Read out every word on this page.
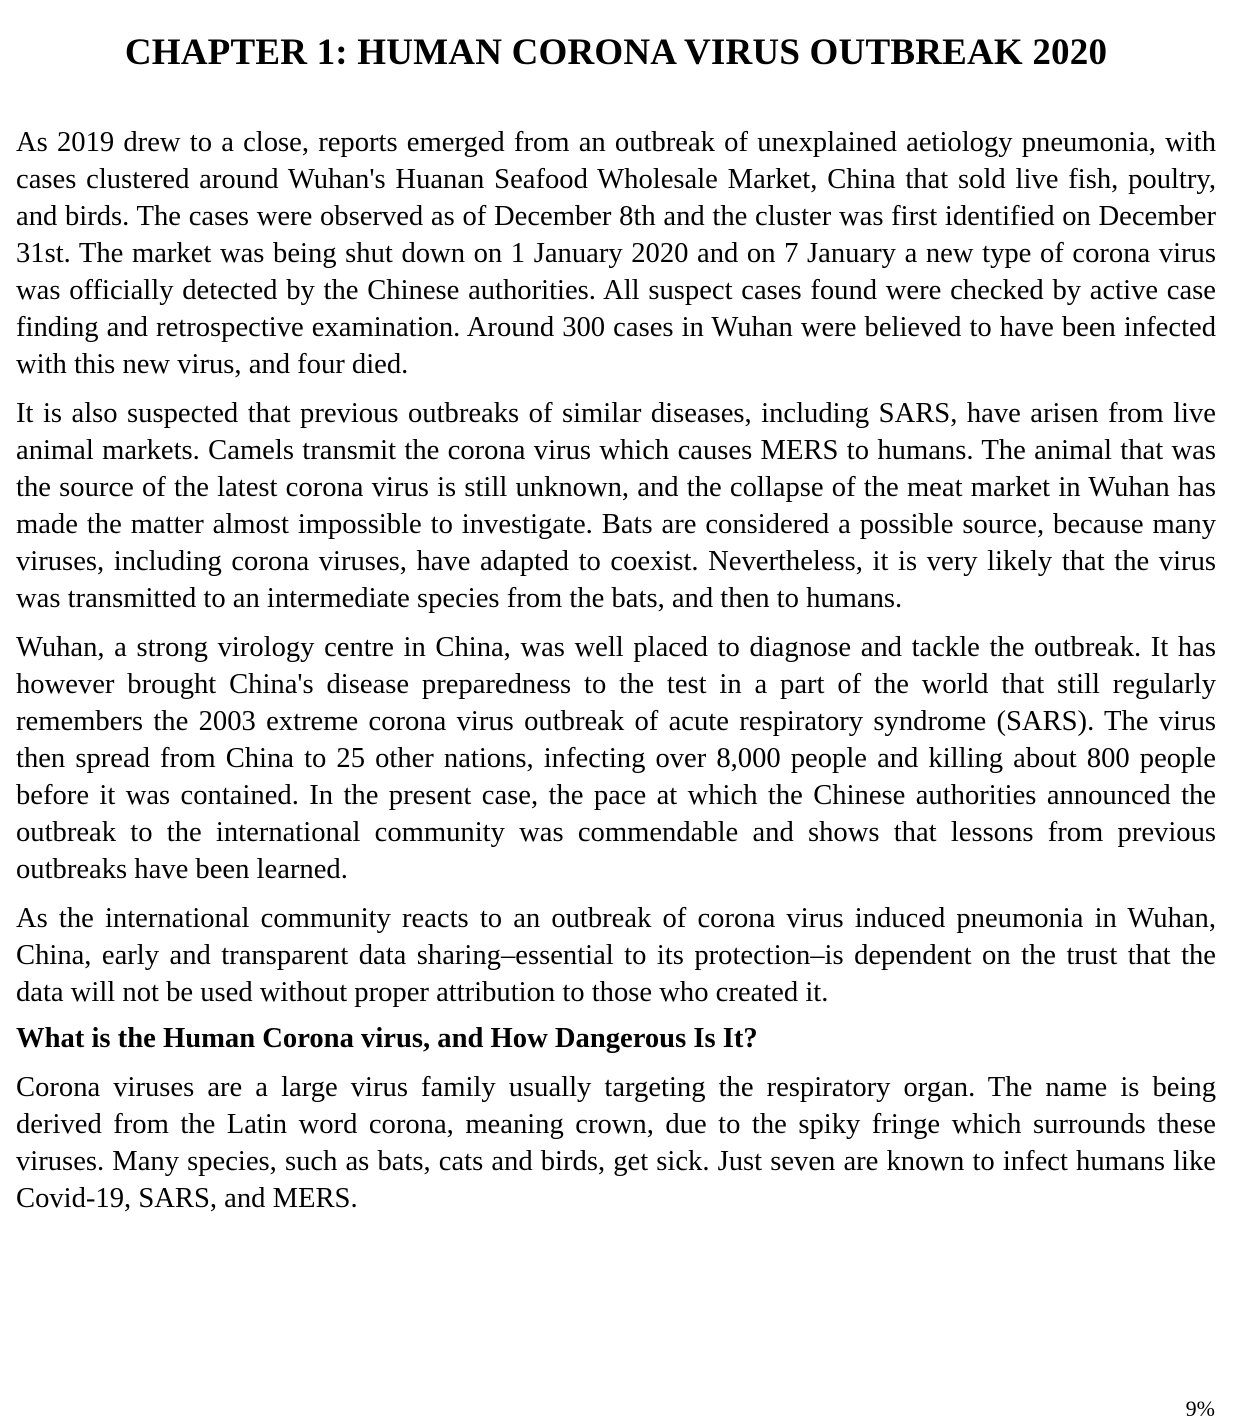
CHAPTER 1: HUMAN CORONA VIRUS OUTBREAK 2020

As 2019 drew to a close, reports emerged from an outbreak of unexplained aetiology pneumonia, with cases clustered around Wuhan's Huanan Seafood Wholesale Market, China that sold live fish, poultry, and birds. The cases were observed as of December 8th and the cluster was first identified on December 31st. The market was being shut down on 1 January 2020 and on 7 January a new type of corona virus was officially detected by the Chinese authorities. All suspect cases found were checked by active case finding and retrospective examination. Around 300 cases in Wuhan were believed to have been infected with this new virus, and four died.

It is also suspected that previous outbreaks of similar diseases, including SARS, have arisen from live animal markets. Camels transmit the corona virus which causes MERS to humans. The animal that was the source of the latest corona virus is still unknown, and the collapse of the meat market in Wuhan has made the matter almost impossible to investigate. Bats are considered a possible source, because many viruses, including corona viruses, have adapted to coexist. Nevertheless, it is very likely that the virus was transmitted to an intermediate species from the bats, and then to humans.

Wuhan, a strong virology centre in China, was well placed to diagnose and tackle the outbreak. It has however brought China's disease preparedness to the test in a part of the world that still regularly remembers the 2003 extreme corona virus outbreak of acute respiratory syndrome (SARS). The virus then spread from China to 25 other nations, infecting over 8,000 people and killing about 800 people before it was contained. In the present case, the pace at which the Chinese authorities announced the outbreak to the international community was commendable and shows that lessons from previous outbreaks have been learned.

As the international community reacts to an outbreak of corona virus induced pneumonia in Wuhan, China, early and transparent data sharing–essential to its protection–is dependent on the trust that the data will not be used without proper attribution to those who created it.

What is the Human Corona virus, and How Dangerous Is It?

Corona viruses are a large virus family usually targeting the respiratory organ. The name is being derived from the Latin word corona, meaning crown, due to the spiky fringe which surrounds these viruses. Many species, such as bats, cats and birds, get sick. Just seven are known to infect humans like Covid-19, SARS, and MERS.

9%
